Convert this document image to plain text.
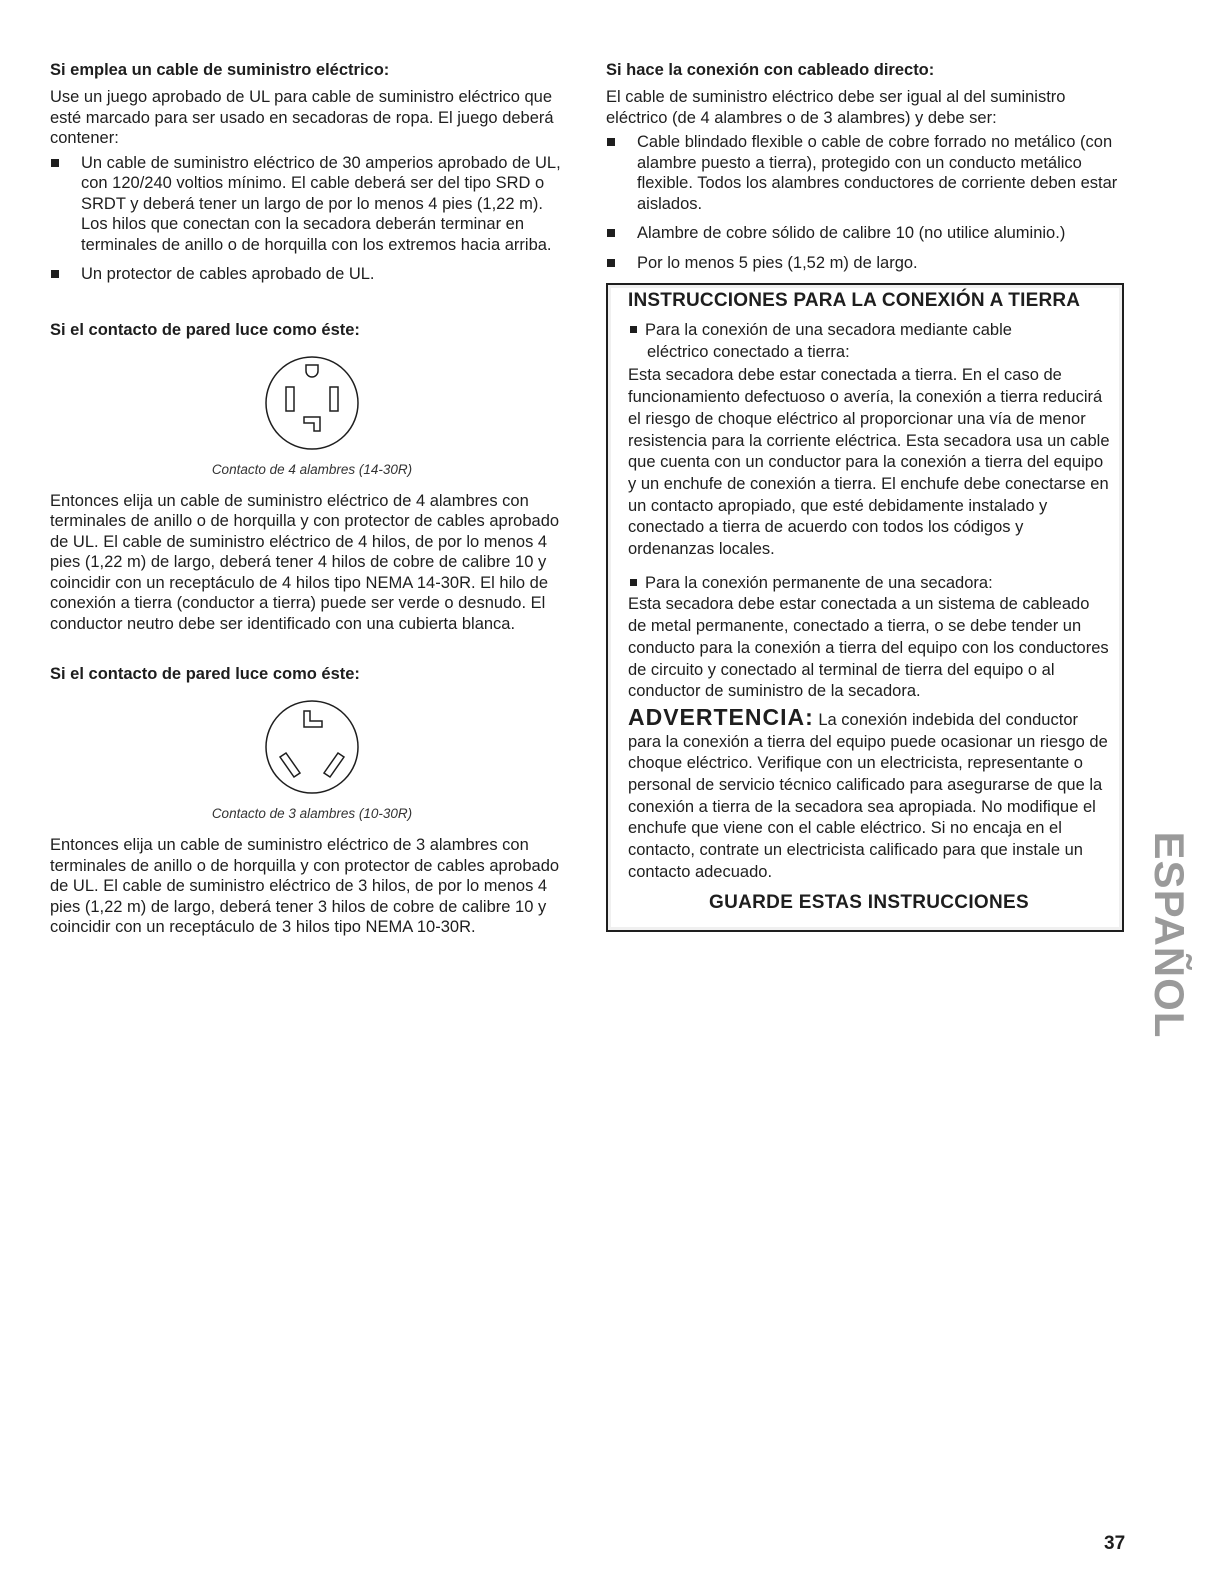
Si emplea un cable de suministro eléctrico:

Use un juego aprobado de UL para cable de suministro eléctrico que esté marcado para ser usado en secadoras de ropa. El juego deberá contener:

Un cable de suministro eléctrico de 30 amperios aprobado de UL, con 120/240 voltios mínimo. El cable deberá ser del tipo SRD o SRDT y deberá tener un largo de por lo menos 4 pies (1,22 m). Los hilos que conectan con la secadora deberán terminar en terminales de anillo o de horquilla con los extremos hacia arriba.
Un protector de cables aprobado de UL.
Si el contacto de pared luce como éste:
Contacto de 4 alambres (14-30R)

Entonces elija un cable de suministro eléctrico de 4 alambres con terminales de anillo o de horquilla y con protector de cables aprobado de UL. El cable de suministro eléctrico de 4 hilos, de por lo menos 4 pies (1,22 m) de largo, deberá tener 4 hilos de cobre de calibre 10 y coincidir con un receptáculo de 4 hilos tipo NEMA 14-30R. El hilo de conexión a tierra (conductor a tierra) puede ser verde o desnudo. El conductor neutro debe ser identificado con una cubierta blanca.

Si el contacto de pared luce como éste:
Contacto de 3 alambres (10-30R)

Entonces elija un cable de suministro eléctrico de 3 alambres con terminales de anillo o de horquilla y con protector de cables aprobado de UL. El cable de suministro eléctrico de 3 hilos, de por lo menos 4 pies (1,22 m) de largo, deberá tener 3 hilos de cobre de calibre 10 y coincidir con un receptáculo de 3 hilos tipo NEMA 10-30R.

Si hace la conexión con cableado directo:

El cable de suministro eléctrico debe ser igual al del suministro eléctrico (de 4 alambres o de 3 alambres) y debe ser:

Cable blindado flexible o cable de cobre forrado no metálico (con alambre puesto a tierra), protegido con un conducto metálico flexible. Todos los alambres conductores de corriente deben estar aislados.
Alambre de cobre sólido de calibre 10 (no utilice aluminio.)
Por lo menos 5 pies (1,52 m) de largo.
INSTRUCCIONES PARA LA CONEXIÓN A TIERRA

Para la conexión de una secadora mediante cable

eléctrico conectado a tierra:

Esta secadora debe estar conectada a tierra. En el caso de funcionamiento defectuoso o avería, la conexión a tierra reducirá el riesgo de choque eléctrico al proporcionar una vía de menor resistencia para la corriente eléctrica. Esta secadora usa un cable que cuenta con un conductor para la conexión a tierra del equipo y un enchufe de conexión a tierra. El enchufe debe conectarse en un contacto apropiado, que esté debidamente instalado y conectado a tierra de acuerdo con todos los códigos y ordenanzas locales.

Para la conexión permanente de una secadora:

Esta secadora debe estar conectada a un sistema de cableado de metal permanente, conectado a tierra, o se debe tender un conducto para la conexión a tierra del equipo con los conductores de circuito y conectado al terminal de tierra del equipo o al conductor de suministro de la secadora.

ADVERTENCIA: La conexión indebida del conductor para la conexión a tierra del equipo puede ocasionar un riesgo de choque eléctrico. Verifique con un electricista, representante o personal de servicio técnico calificado para asegurarse de que la conexión a tierra de la secadora sea apropiada. No modifique el enchufe que viene con el cable eléctrico. Si no encaja en el contacto, contrate un electricista calificado para que instale un contacto adecuado.

GUARDE ESTAS INSTRUCCIONES	ESPAÑOL
37
